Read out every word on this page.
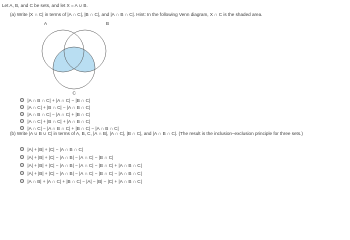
Let A, B, and C be sets, and let X = A ∪ B.
(a) Write |X ∩ C| in terms of |A ∩ C|, |B ∩ C|, and |A ∩ B ∩ C|. Hint: In the following Venn diagram, X ∩ C is the shaded area.
A	B
C
|A ∩ B ∩ C| + |A ∩ C| − |B ∩ C|
|A ∩ C| + |B ∩ C| − |A ∩ B ∩ C|
|A ∩ B ∩ C| − |A ∩ C| + |B ∩ C|
|A ∩ C| + |B ∩ C| + |A ∩ B ∩ C|
|A ∩ C| − |A ∩ B ∩ C| + |B ∩ C| − |A ∩ B ∩ C|
(b) Write |A ∪ B ∪ C| in terms of A, B, C, |A ∩ B|, |A ∩ C|, |B ∩ C|, and |A ∩ B ∩ C|. (The result is the inclusion–exclusion principle for three sets.)
|A| + |B| + |C| − |A ∩ B ∩ C|
|A| + |B| + |C| − |A ∩ B| − |A ∩ C| − |B ∩ C|
|A| + |B| + |C| − |A ∩ B| − |A ∩ C| − |B ∩ C| + |A ∩ B ∩ C|
|A| + |B| + |C| − |A ∩ B| − |A ∩ C| − |B ∩ C| − |A ∩ B ∩ C|
|A ∩ B| + |A ∩ C| + |B ∩ C| − |A| − |B| − |C| + |A ∩ B ∩ C|
